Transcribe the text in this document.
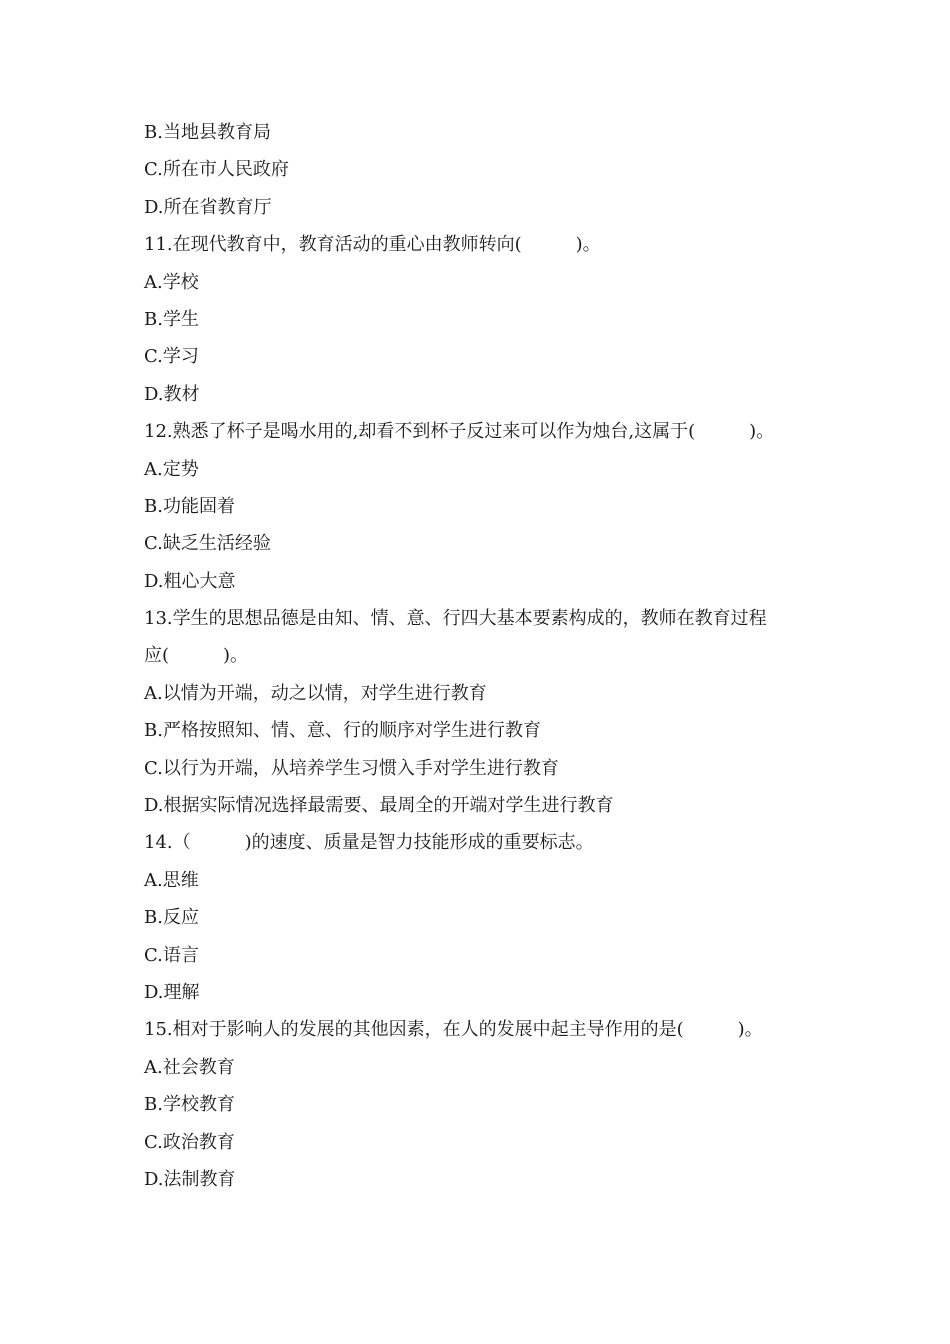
B.当地县教育局
C.所在市人民政府
D.所在省教育厅
11.在现代教育中，教育活动的重心由教师转向(　　　)。
A.学校
B.学生
C.学习
D.教材
12.熟悉了杯子是喝水用的,却看不到杯子反过来可以作为烛台,这属于(　　　)。
A.定势
B.功能固着
C.缺乏生活经验
D.粗心大意
13.学生的思想品德是由知、情、意、行四大基本要素构成的，教师在教育过程
应(　　　)。
A.以情为开端，动之以情，对学生进行教育
B.严格按照知、情、意、行的顺序对学生进行教育
C.以行为开端，从培养学生习惯入手对学生进行教育
D.根据实际情况选择最需要、最周全的开端对学生进行教育
14.（　　　)的速度、质量是智力技能形成的重要标志。
A.思维
B.反应
C.语言
D.理解
15.相对于影响人的发展的其他因素，在人的发展中起主导作用的是(　　　)。
A.社会教育
B.学校教育
C.政治教育
D.法制教育
